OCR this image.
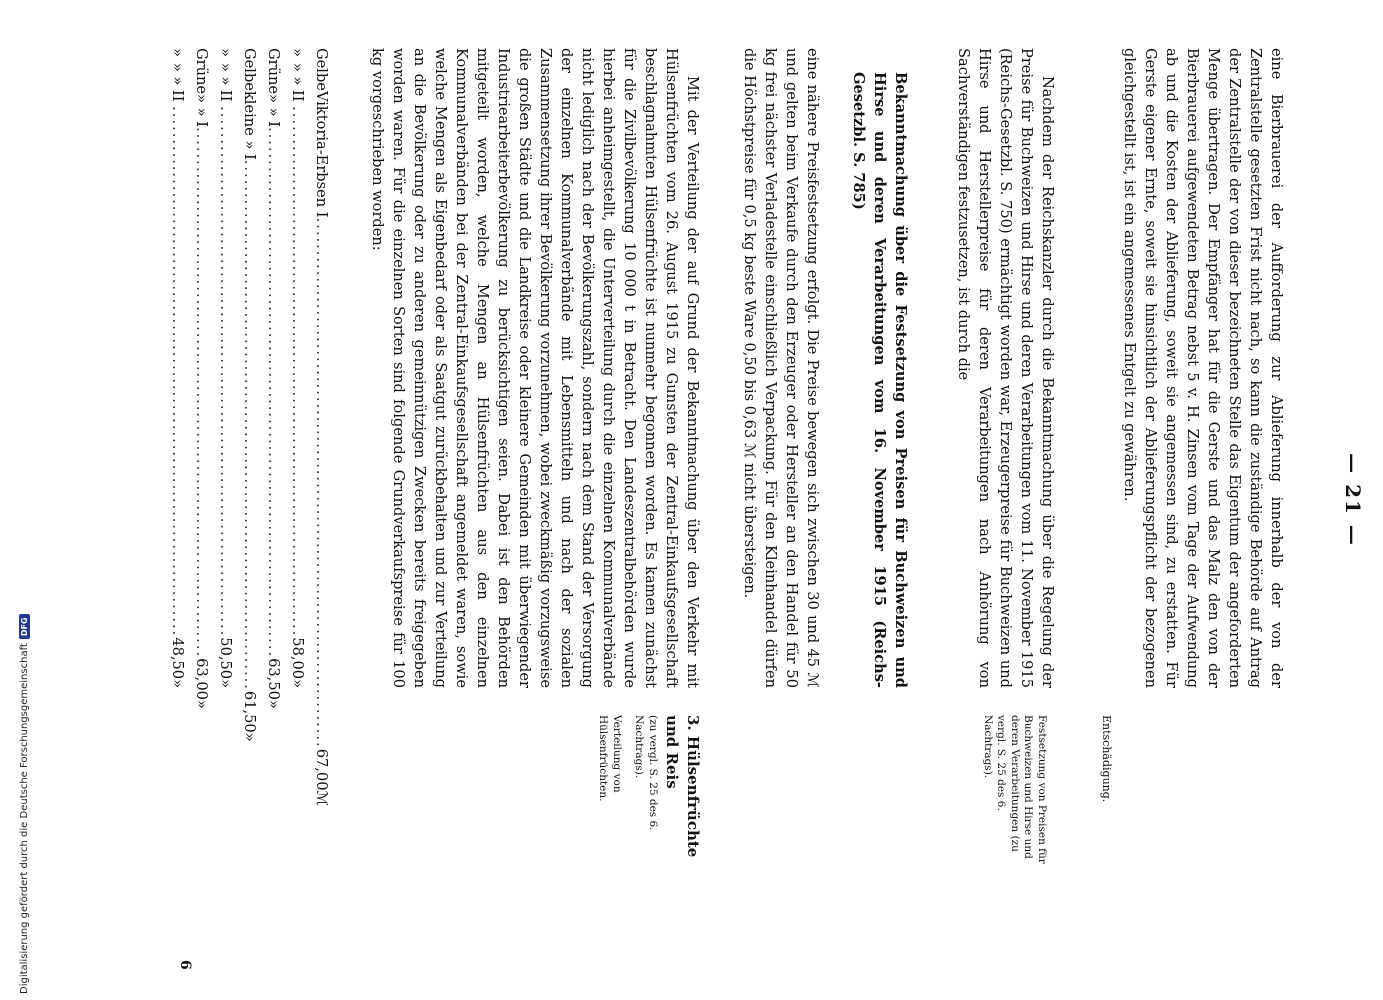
Digitalisierung gefördert durch die Deutsche Forschungsgemeinschaft
DFG
— 21 —

eine Bierbrauerei der Aufforderung zur Ablieferung innerhalb der von der Zentralstelle gesetzten Frist nicht nach, so kann die zuständige Behörde auf Antrag der Zentralstelle der von dieser bezeichneten Stelle das Eigentum der angeforderten Menge übertragen. Der Empfänger hat für die Gerste und das Malz den von der Bierbrauerei aufgewendeten Betrag nebst 5 v. H. Zinsen vom Tage der Aufwendung ab und die Kosten der Ablieferung, soweit sie angemessen sind, zu erstatten. Für Gerste eigener Ernte, soweit sie hinsichtlich der Ablieferungspflicht der bezogenen gleichgestellt ist, ist ein angemessenes Entgelt zu gewähren.

Entschädigung.

Nachdem der Reichskanzler durch die Bekanntmachung über die Regelung der Preise für Buchweizen und Hirse und deren Verarbeitungen vom 11. November 1915 (Reichs-Gesetzbl. S. 750) ermächtigt worden war, Erzeugerpreise für Buchweizen und Hirse und Herstellerpreise für deren Verarbeitungen nach Anhörung von Sachverständigen festzusetzen, ist durch die

Bekanntmachung über die Festsetzung von Preisen für Buchweizen und Hirse und deren Verarbeitungen vom 16. November 1915 (Reichs-Gesetzbl. S. 785)

eine nähere Preisfestsetzung erfolgt. Die Preise bewegen sich zwischen 30 und 45 ℳ und gelten beim Verkaufe durch den Erzeuger oder Hersteller an den Handel für 50 kg frei nächster Verladestelle einschließlich Verpackung. Für den Kleinhandel dürfen die Höchstpreise für 0,5 kg beste Ware 0,50 bis 0,63 ℳ nicht übersteigen.

Festsetzung von Preisen für Buchweizen und Hirse und deren Verarbeitungen (zu vergl. S. 25 des 6. Nachtrags).

3. Hülsenfrüchte und Reis

(zu vergl. S. 25 des 6. Nachtrags).

Verteilung von Hülsenfrüchten.

Mit der Verteilung der auf Grund der Bekanntmachung über den Verkehr mit Hülsenfrüchten vom 26. August 1915 zu Gunsten der Zentral-Einkaufsgesellschaft beschlagnahmten Hülsenfrüchte ist nunmehr begonnen worden. Es kamen zunächst für die Zivilbevölkerung 10 000 t in Betracht. Den Landeszentralbehörden wurde hierbei anheimgestellt, die Unterverteilung durch die einzelnen Kommunalverbände nicht lediglich nach der Bevölkerungszahl, sondern nach dem Stand der Versorgung der einzelnen Kommunalverbände mit Lebensmitteln und nach der sozialen Zusammensetzung ihrer Bevölkerung vorzunehmen, wobei zweckmäßig vorzugsweise die großen Städte und die Landkreise oder kleinere Gemeinden mit überwiegender Industriearbeiterbevölkerung zu berücksichtigen seien. Dabei ist den Behörden mitgeteilt worden, welche Mengen an Hülsenfrüchten aus den einzelnen Kommunalverbänden bei der Zentral-Einkaufsgesellschaft angemeldet waren, sowie welche Mengen als Eigenbedarf oder als Saatgut zurückbehalten und zur Verteilung an die Bevölkerung oder zu anderen gemeinnützigen Zwecken bereits freigegeben worden waren. Für die einzelnen Sorten sind folgende Grundverkaufspreise für 100 kg vorgeschrieben worden:

Gelbe
Viktoria-Erbsen I
................................................................................
67,00
ℳ
»
» » II
................................................................................
58,00
»
Grüne
» » I
................................................................................
63,50
»
Gelbe
kleine » I
................................................................................
61,50
»
»
» » II
................................................................................
50,50
»
Grüne
» » I
................................................................................
63,00
»
»
» » II
................................................................................
48,50
»
6
